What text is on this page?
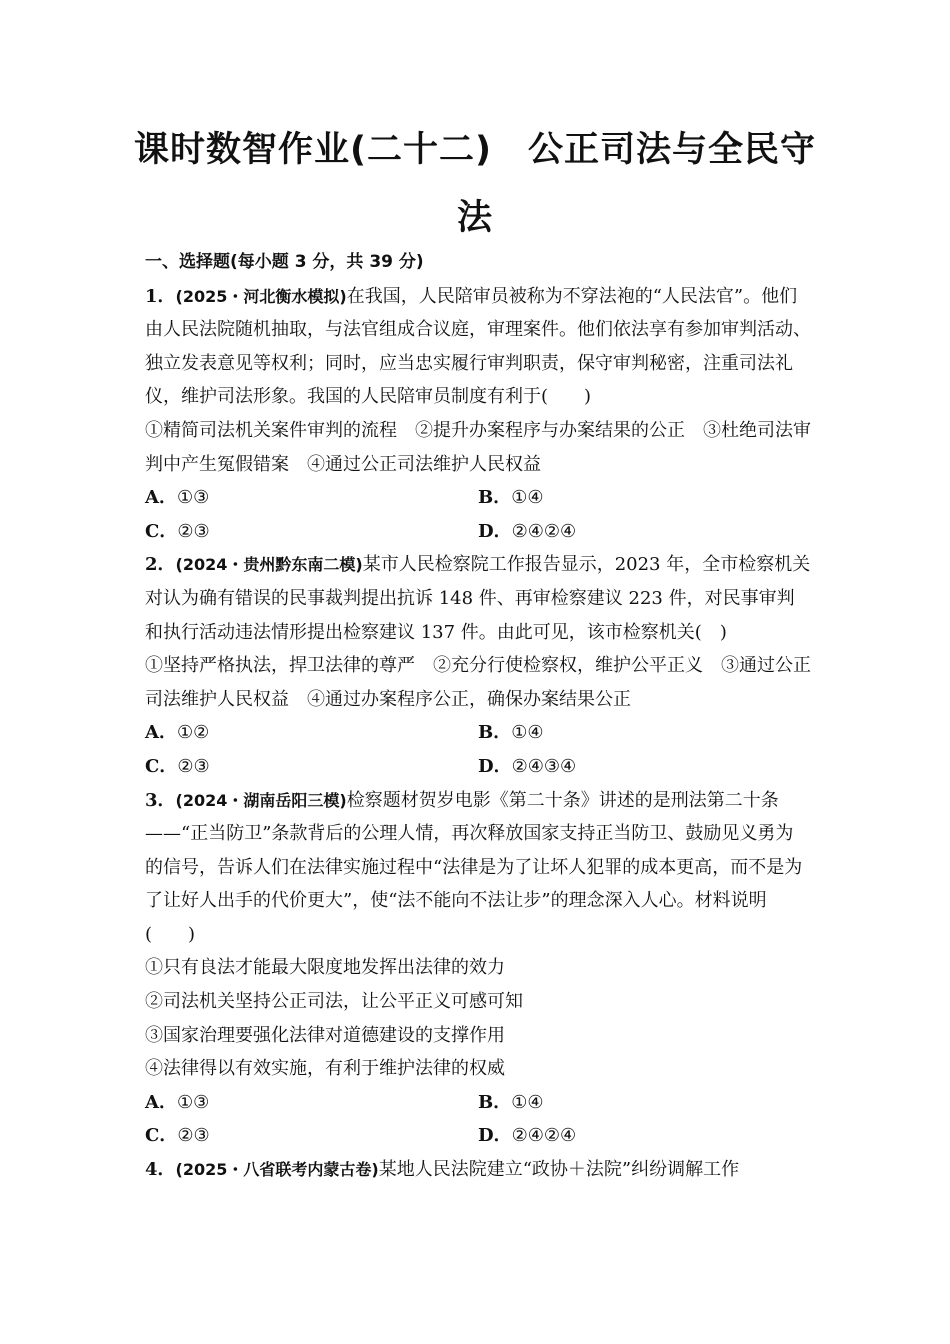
课时数智作业(二十二)　公正司法与全民守
法

一、选择题(每小题 3 分，共 39 分)

1．(2025・河北衡水模拟)在我国，人民陪审员被称为不穿法袍的“人民法官”。他们由人民法院随机抽取，与法官组成合议庭，审理案件。他们依法享有参加审判活动、独立发表意见等权利；同时，应当忠实履行审判职责，保守审判秘密，注重司法礼仪，维护司法形象。我国的人民陪审员制度有利于(　　)

①精简司法机关案件审判的流程　②提升办案程序与办案结果的公正　③杜绝司法审判中产生冤假错案　④通过公正司法维护人民权益

A．①③	B．①④
C．②③	D．②④②④

2．(2024・贵州黔东南二模)某市人民检察院工作报告显示，2023 年，全市检察机关对认为确有错误的民事裁判提出抗诉 148 件、再审检察建议 223 件，对民事审判和执行活动违法情形提出检察建议 137 件。由此可见，该市检察机关(　)

①坚持严格执法，捍卫法律的尊严　②充分行使检察权，维护公平正义　③通过公正司法维护人民权益　④通过办案程序公正，确保办案结果公正

A．①②	B．①④
C．②③	D．②④③④

3．(2024・湖南岳阳三模)检察题材贺岁电影《第二十条》讲述的是刑法第二十条——“正当防卫”条款背后的公理人情，再次释放国家支持正当防卫、鼓励见义勇为的信号，告诉人们在法律实施过程中“法律是为了让坏人犯罪的成本更高，而不是为了让好人出手的代价更大”，使“法不能向不法让步”的理念深入人心。材料说明(　　)

①只有良法才能最大限度地发挥出法律的效力

②司法机关坚持公正司法，让公平正义可感可知

③国家治理要强化法律对道德建设的支撑作用

④法律得以有效实施，有利于维护法律的权威

A．①③	B．①④
C．②③	D．②④②④

4．(2025・八省联考内蒙古卷)某地人民法院建立“政协＋法院”纠纷调解工作
